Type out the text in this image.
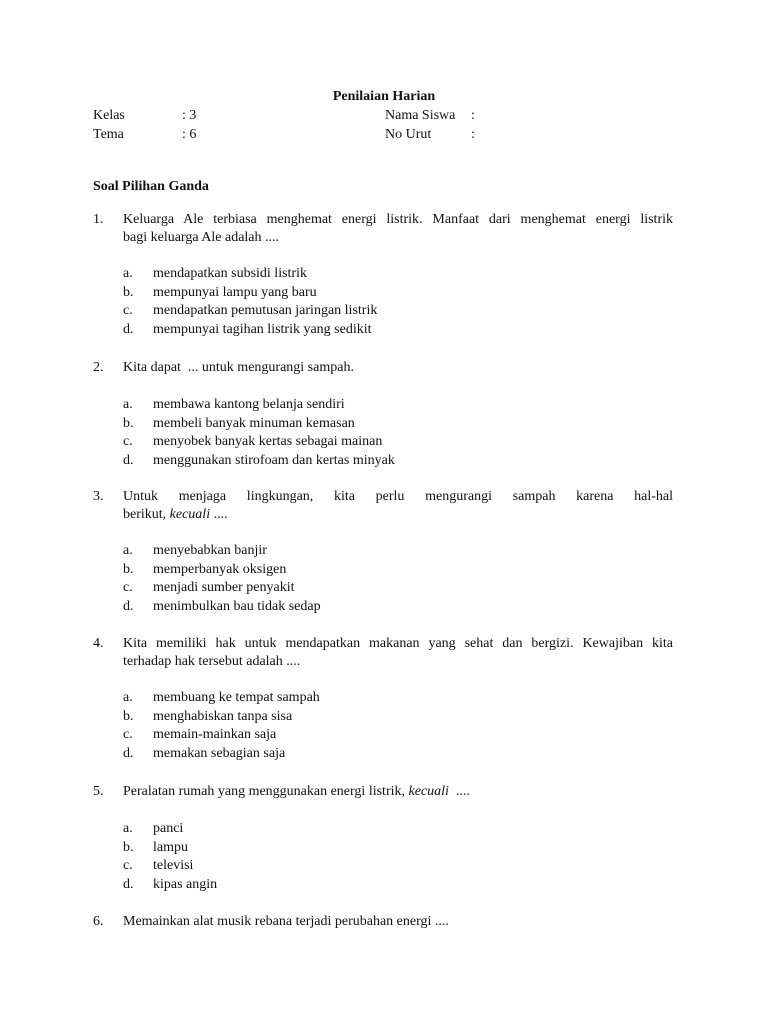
Penilaian Harian
Kelas	: 3	Nama Siswa :
Tema	: 6	No Urut	:
Soal Pilihan Ganda
1. Keluarga Ale terbiasa menghemat energi listrik. Manfaat dari menghemat energi listrik
bagi keluarga Ale adalah ....
a. mendapatkan subsidi listrik
b. mempunyai lampu yang baru
c. mendapatkan pemutusan jaringan listrik
d. mempunyai tagihan listrik yang sedikit
2. Kita dapat  ... untuk mengurangi sampah.
a. membawa kantong belanja sendiri
b. membeli banyak minuman kemasan
c. menyobek banyak kertas sebagai mainan
d. menggunakan stirofoam dan kertas minyak
3. Untuk menjaga lingkungan, kita perlu mengurangi sampah karena hal-hal
berikut, kecuali ....
a. menyebabkan banjir
b. memperbanyak oksigen
c. menjadi sumber penyakit
d. menimbulkan bau tidak sedap
4. Kita memiliki hak untuk mendapatkan makanan yang sehat dan bergizi. Kewajiban kita
terhadap hak tersebut adalah ....
a. membuang ke tempat sampah
b. menghabiskan tanpa sisa
c. memain-mainkan saja
d. memakan sebagian saja
5. Peralatan rumah yang menggunakan energi listrik, kecuali  ....
a. panci
b. lampu
c. televisi
d. kipas angin
6. Memainkan alat musik rebana terjadi perubahan energi ....
